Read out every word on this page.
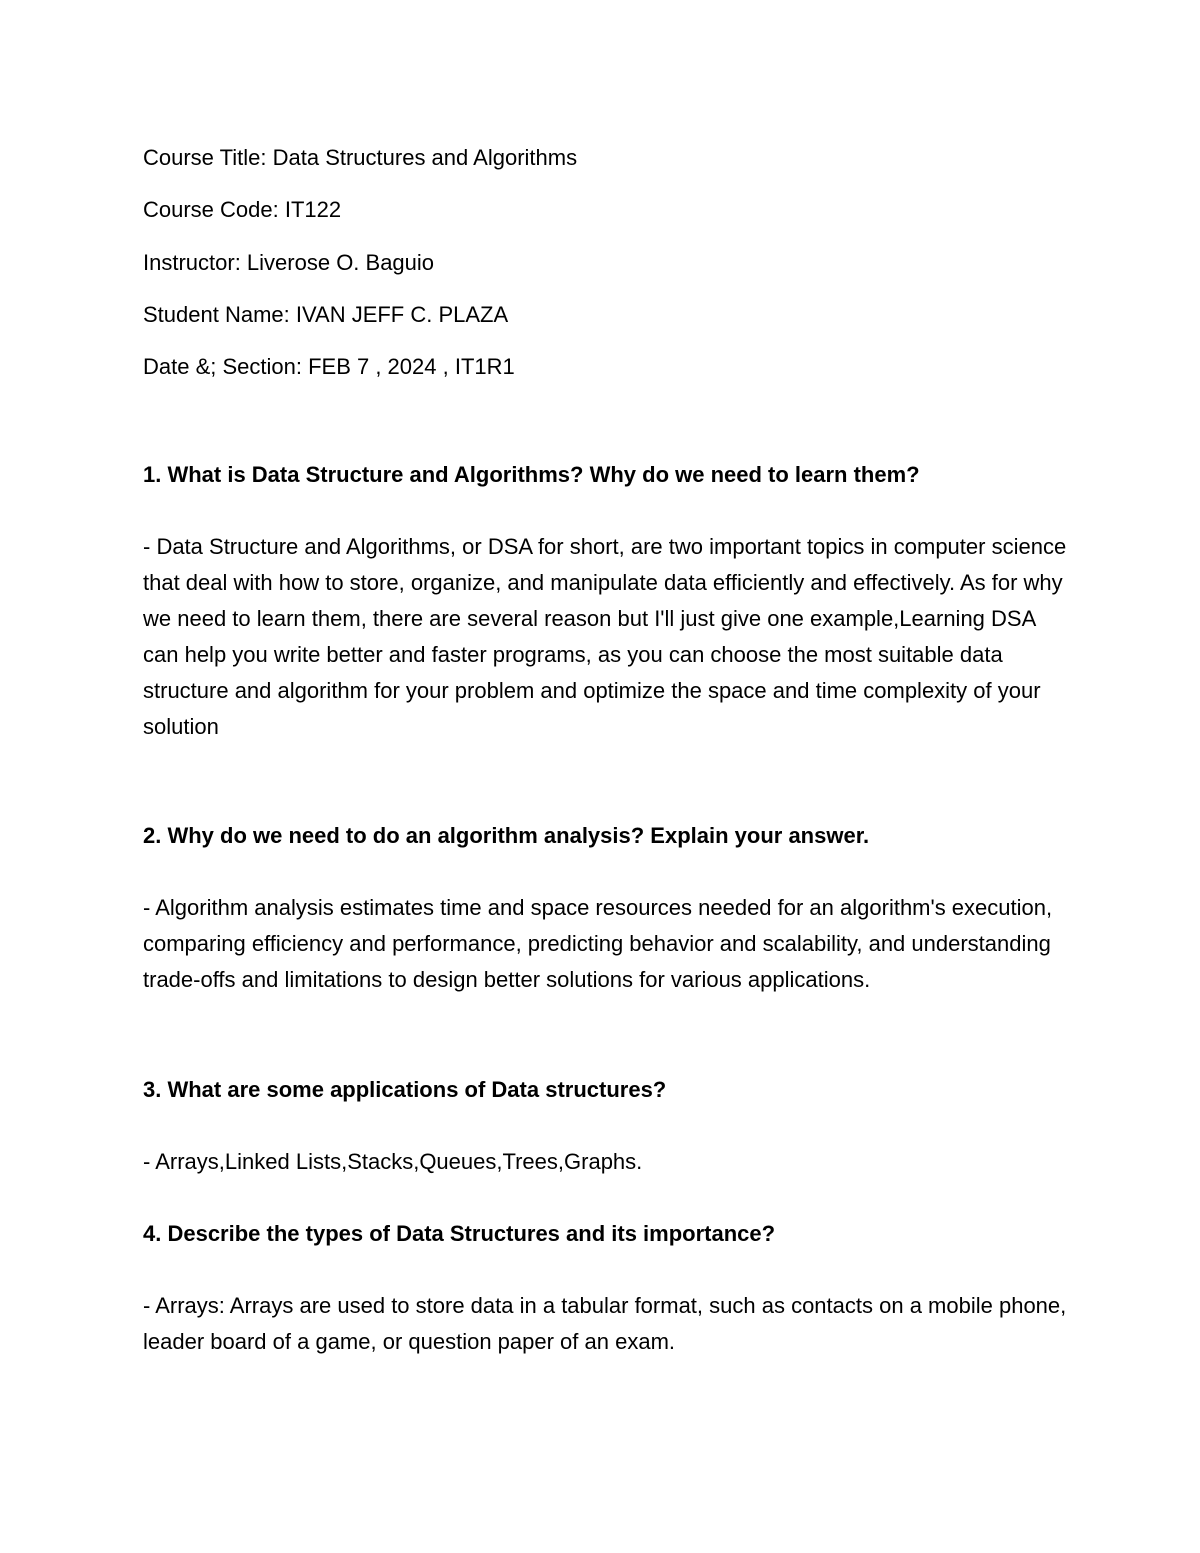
Course Title: Data Structures and Algorithms
Course Code: IT122
Instructor: Liverose O. Baguio
Student Name: IVAN JEFF C. PLAZA
Date &; Section: FEB 7 , 2024 , IT1R1
1. What is Data Structure and Algorithms? Why do we need to learn them?
- Data Structure and Algorithms, or DSA for short, are two important topics in computer science that deal with how to store, organize, and manipulate data efficiently and effectively. As for why we need to learn them, there are several reason but I'll just give one example,Learning DSA can help you write better and faster programs, as you can choose the most suitable data structure and algorithm for your problem and optimize the space and time complexity of your solution
2. Why do we need to do an algorithm analysis? Explain your answer.
- Algorithm analysis estimates time and space resources needed for an algorithm's execution, comparing efficiency and performance, predicting behavior and scalability, and understanding trade-offs and limitations to design better solutions for various applications.
3. What are some applications of Data structures?
- Arrays,Linked Lists,Stacks,Queues,Trees,Graphs.
4. Describe the types of Data Structures and its importance?
- Arrays: Arrays are used to store data in a tabular format, such as contacts on a mobile phone, leader board of a game, or question paper of an exam.
